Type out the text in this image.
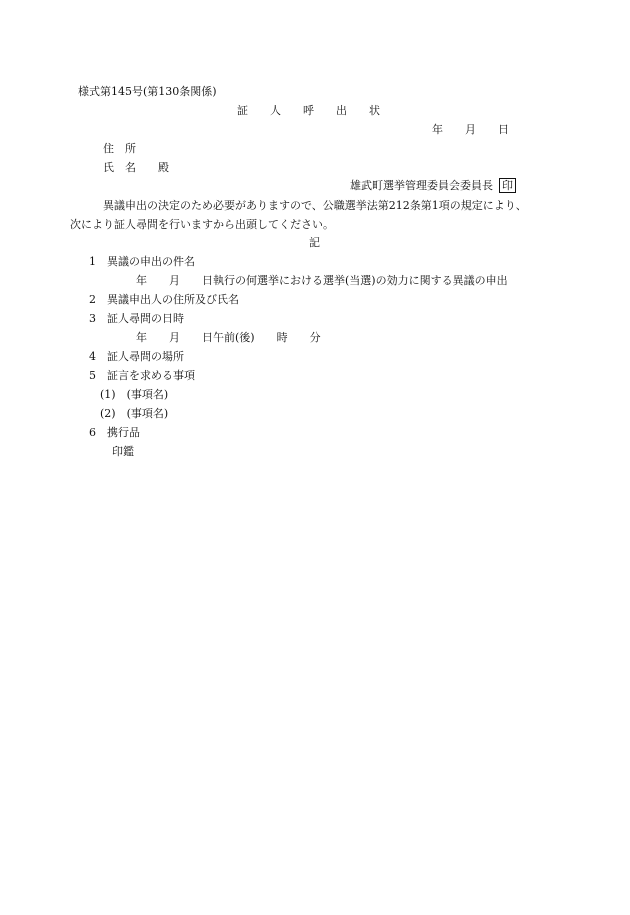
様式第145号(第130条関係)
証　　人　　呼　　出　　状
年　　月　　日
住　所
氏　名　　殿
雄武町選挙管理委員会委員長 印
異議申出の決定のため必要がありますので、公職選挙法第212条第1項の規定により、
次により証人尋問を行いますから出頭してください。
記
1　異議の申出の件名
年　　月　　日執行の何選挙における選挙(当選)の効力に関する異議の申出
2　異議申出人の住所及び氏名
3　証人尋問の日時
年　　月　　日午前(後)　　時　　分
4　証人尋問の場所
5　証言を求める事項
(1)　(事項名)
(2)　(事項名)
6　携行品
印鑑
